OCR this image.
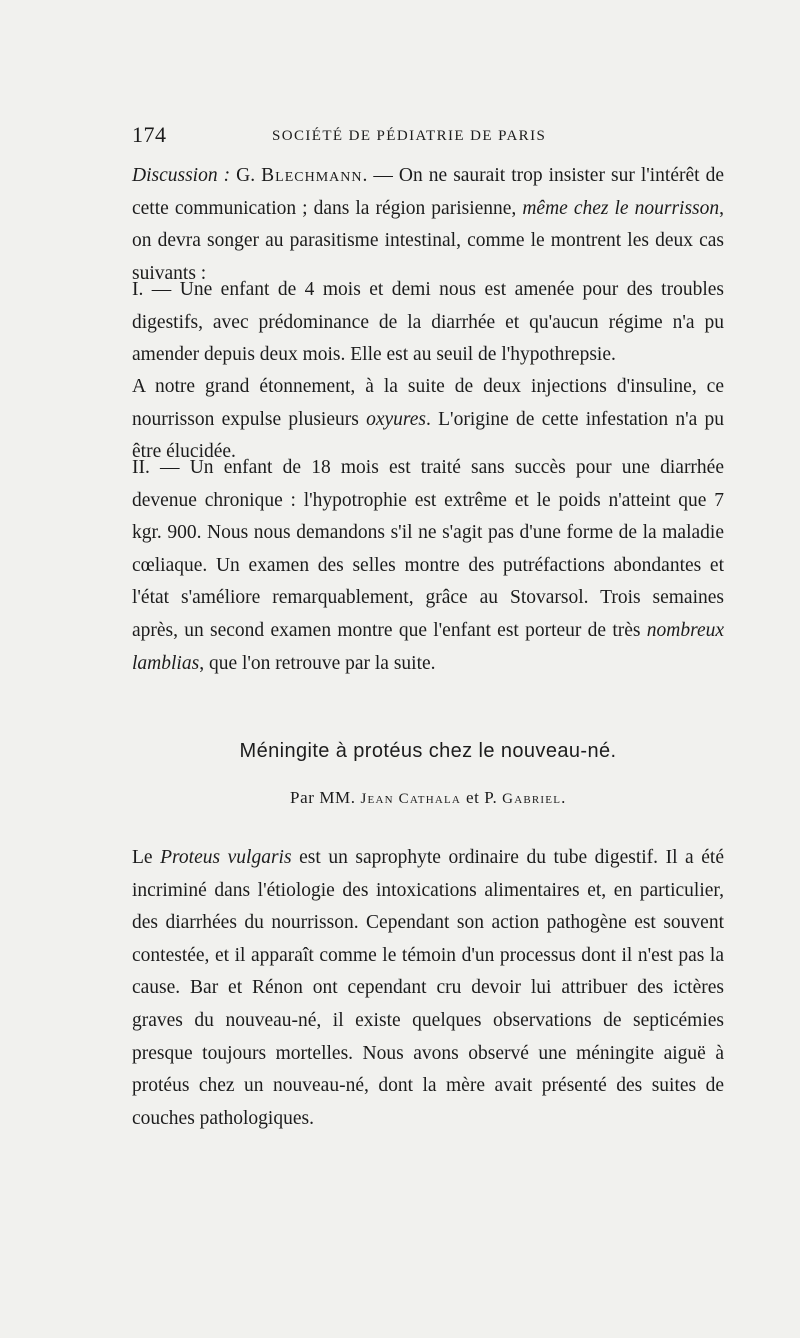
174	SOCIÉTÉ DE PÉDIATRIE DE PARIS

Discussion : G. Blechmann. — On ne saurait trop insister sur l'intérêt de cette communication ; dans la région parisienne, même chez le nourrisson, on devra songer au parasitisme intestinal, comme le montrent les deux cas suivants :

I. — Une enfant de 4 mois et demi nous est amenée pour des troubles digestifs, avec prédominance de la diarrhée et qu'aucun régime n'a pu amender depuis deux mois. Elle est au seuil de l'hypothrepsie.

A notre grand étonnement, à la suite de deux injections d'insuline, ce nourrisson expulse plusieurs oxyures. L'origine de cette infestation n'a pu être élucidée.

II. — Un enfant de 18 mois est traité sans succès pour une diarrhée devenue chronique : l'hypotrophie est extrême et le poids n'atteint que 7 kgr. 900. Nous nous demandons s'il ne s'agit pas d'une forme de la maladie cœliaque. Un examen des selles montre des putréfactions abondantes et l'état s'améliore remarquablement, grâce au Stovarsol. Trois semaines après, un second examen montre que l'enfant est porteur de très nombreux lamblias, que l'on retrouve par la suite.

Méningite à protéus chez le nouveau-né.
Par MM. Jean Cathala et P. Gabriel.

Le Proteus vulgaris est un saprophyte ordinaire du tube digestif. Il a été incriminé dans l'étiologie des intoxications alimentaires et, en particulier, des diarrhées du nourrisson. Cependant son action pathogène est souvent contestée, et il apparaît comme le témoin d'un processus dont il n'est pas la cause. Bar et Rénon ont cependant cru devoir lui attribuer des ictères graves du nouveau-né, il existe quelques observations de septicémies presque toujours mortelles. Nous avons observé une méningite aiguë à protéus chez un nouveau-né, dont la mère avait présenté des suites de couches pathologiques.
